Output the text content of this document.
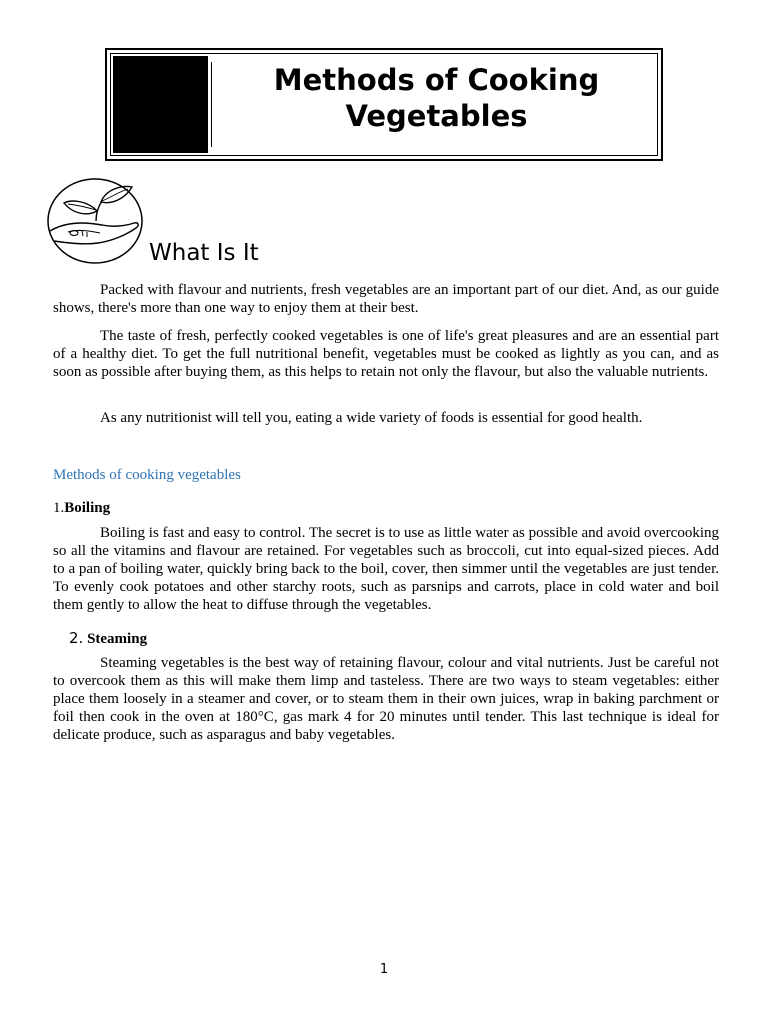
Methods of Cooking
Vegetables
What Is It

Packed with flavour and nutrients, fresh vegetables are an important part of our diet. And, as our guide shows, there's more than one way to enjoy them at their best.

The taste of fresh, perfectly cooked vegetables is one of life's great pleasures and are an essential part of a healthy diet. To get the full nutritional benefit, vegetables must be cooked as lightly as you can, and as soon as possible after buying them, as this helps to retain not only the flavour, but also the valuable nutrients.

As any nutritionist will tell you, eating a wide variety of foods is essential for good health.

Methods of cooking vegetables
1.Boiling

Boiling is fast and easy to control. The secret is to use as little water as possible and avoid overcooking so all the vitamins and flavour are retained. For vegetables such as broccoli, cut into equal-sized pieces. Add to a pan of boiling water, quickly bring back to the boil, cover, then simmer until the vegetables are just tender. To evenly cook potatoes and other starchy roots, such as parsnips and carrots, place in cold water and boil them gently to allow the heat to diffuse through the vegetables.

2. Steaming

Steaming vegetables is the best way of retaining flavour, colour and vital nutrients. Just be careful not to overcook them as this will make them limp and tasteless. There are two ways to steam vegetables: either place them loosely in a steamer and cover, or to steam them in their own juices, wrap in baking parchment or foil then cook in the oven at 180°C, gas mark 4 for 20 minutes until tender. This last technique is ideal for delicate produce, such as asparagus and baby vegetables.

1
